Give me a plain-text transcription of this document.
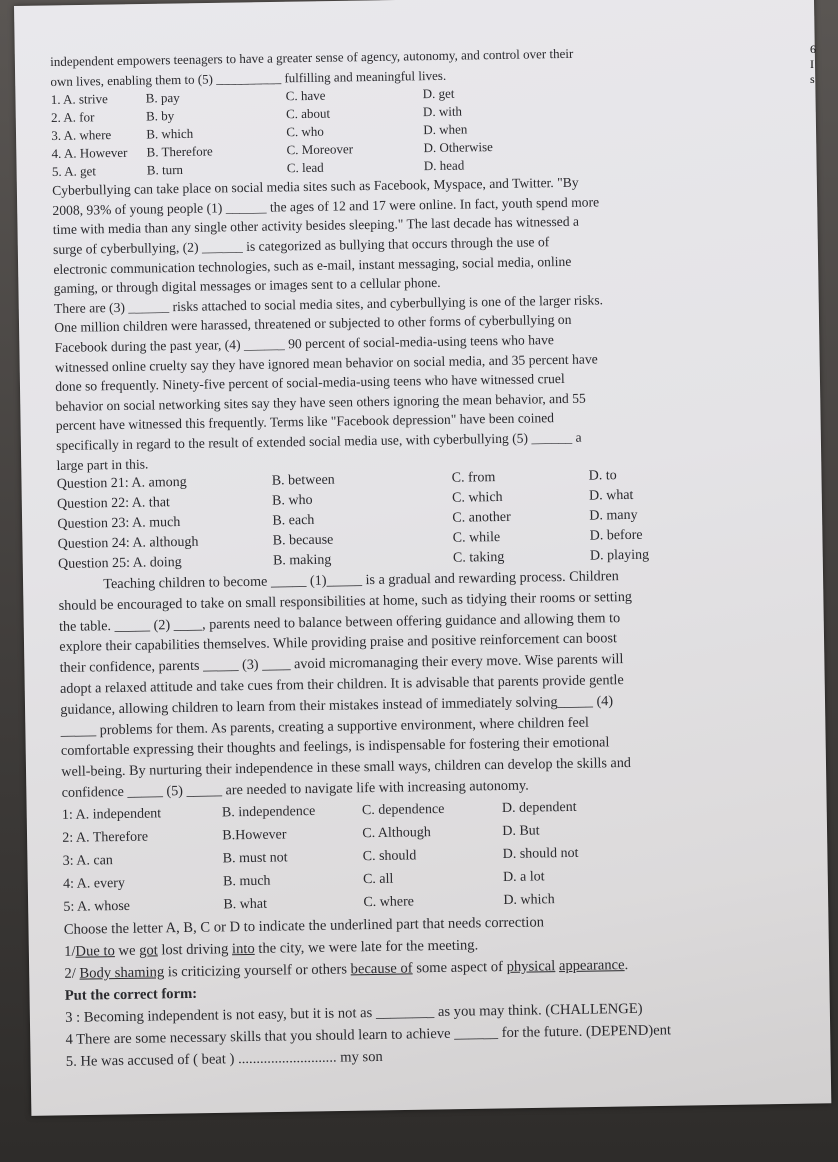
6
I
s
independent empowers teenagers to have a greater sense of agency, autonomy, and control over their
own lives, enabling them to (5) __________ fulfilling and meaningful lives.
1. A. strive	B. pay	C. have	D. get
2. A. for	B. by	C. about	D. with
3. A. where	B. which	C. who	D. when
4. A. However	B. Therefore	C. Moreover	D. Otherwise
5. A. get	B. turn	C. lead	D. head
Cyberbullying can take place on social media sites such as Facebook, Myspace, and Twitter. "By
2008, 93% of young people (1) ______ the ages of 12 and 17 were online. In fact, youth spend more
time with media than any single other activity besides sleeping." The last decade has witnessed a
surge of cyberbullying, (2) ______ is categorized as bullying that occurs through the use of
electronic communication technologies, such as e-mail, instant messaging, social media, online
gaming, or through digital messages or images sent to a cellular phone.
There are (3) ______ risks attached to social media sites, and cyberbullying is one of the larger risks.
One million children were harassed, threatened or subjected to other forms of cyberbullying on
Facebook during the past year, (4) ______ 90 percent of social-media-using teens who have
witnessed online cruelty say they have ignored mean behavior on social media, and 35 percent have
done so frequently. Ninety-five percent of social-media-using teens who have witnessed cruel
behavior on social networking sites say they have seen others ignoring the mean behavior, and 55
percent have witnessed this frequently. Terms like "Facebook depression" have been coined
specifically in regard to the result of extended social media use, with cyberbullying (5) ______ a
large part in this.
Question 21: A. among	B. between	C. from	D. to
Question 22: A. that	B. who	C. which	D. what
Question 23: A. much	B. each	C. another	D. many
Question 24: A. although	B. because	C. while	D. before
Question 25: A. doing	B. making	C. taking	D. playing
Teaching children to become _____ (1)_____ is a gradual and rewarding process. Children
should be encouraged to take on small responsibilities at home, such as tidying their rooms or setting
the table. _____ (2) ____, parents need to balance between offering guidance and allowing them to
explore their capabilities themselves. While providing praise and positive reinforcement can boost
their confidence, parents _____ (3) ____ avoid micromanaging their every move. Wise parents will
adopt a relaxed attitude and take cues from their children. It is advisable that parents provide gentle
guidance, allowing children to learn from their mistakes instead of immediately solving_____ (4)
_____ problems for them. As parents, creating a supportive environment, where children feel
comfortable expressing their thoughts and feelings, is indispensable for fostering their emotional
well-being. By nurturing their independence in these small ways, children can develop the skills and
confidence _____ (5) _____ are needed to navigate life with increasing autonomy.
1: A. independent	B. independence	C. dependence	D. dependent
2: A. Therefore	B.However	C. Although	D. But
3: A. can	B. must not	C. should	D. should not
4: A. every	B. much	C. all	D. a lot
5: A. whose	B. what	C. where	D. which
Choose the letter A, B, C or D to indicate the underlined part that needs correction
1/Due to we got lost driving into the city, we were late for the meeting.
2/ Body shaming is criticizing yourself or others because of some aspect of physical appearance.
Put the correct form:
3 : Becoming independent is not easy, but it is not as ________ as you may think. (CHALLENGE)
4 There are some necessary skills that you should learn to achieve ______ for the future. (DEPEND)ent
5. He was accused of ( beat ) ........................... my son
